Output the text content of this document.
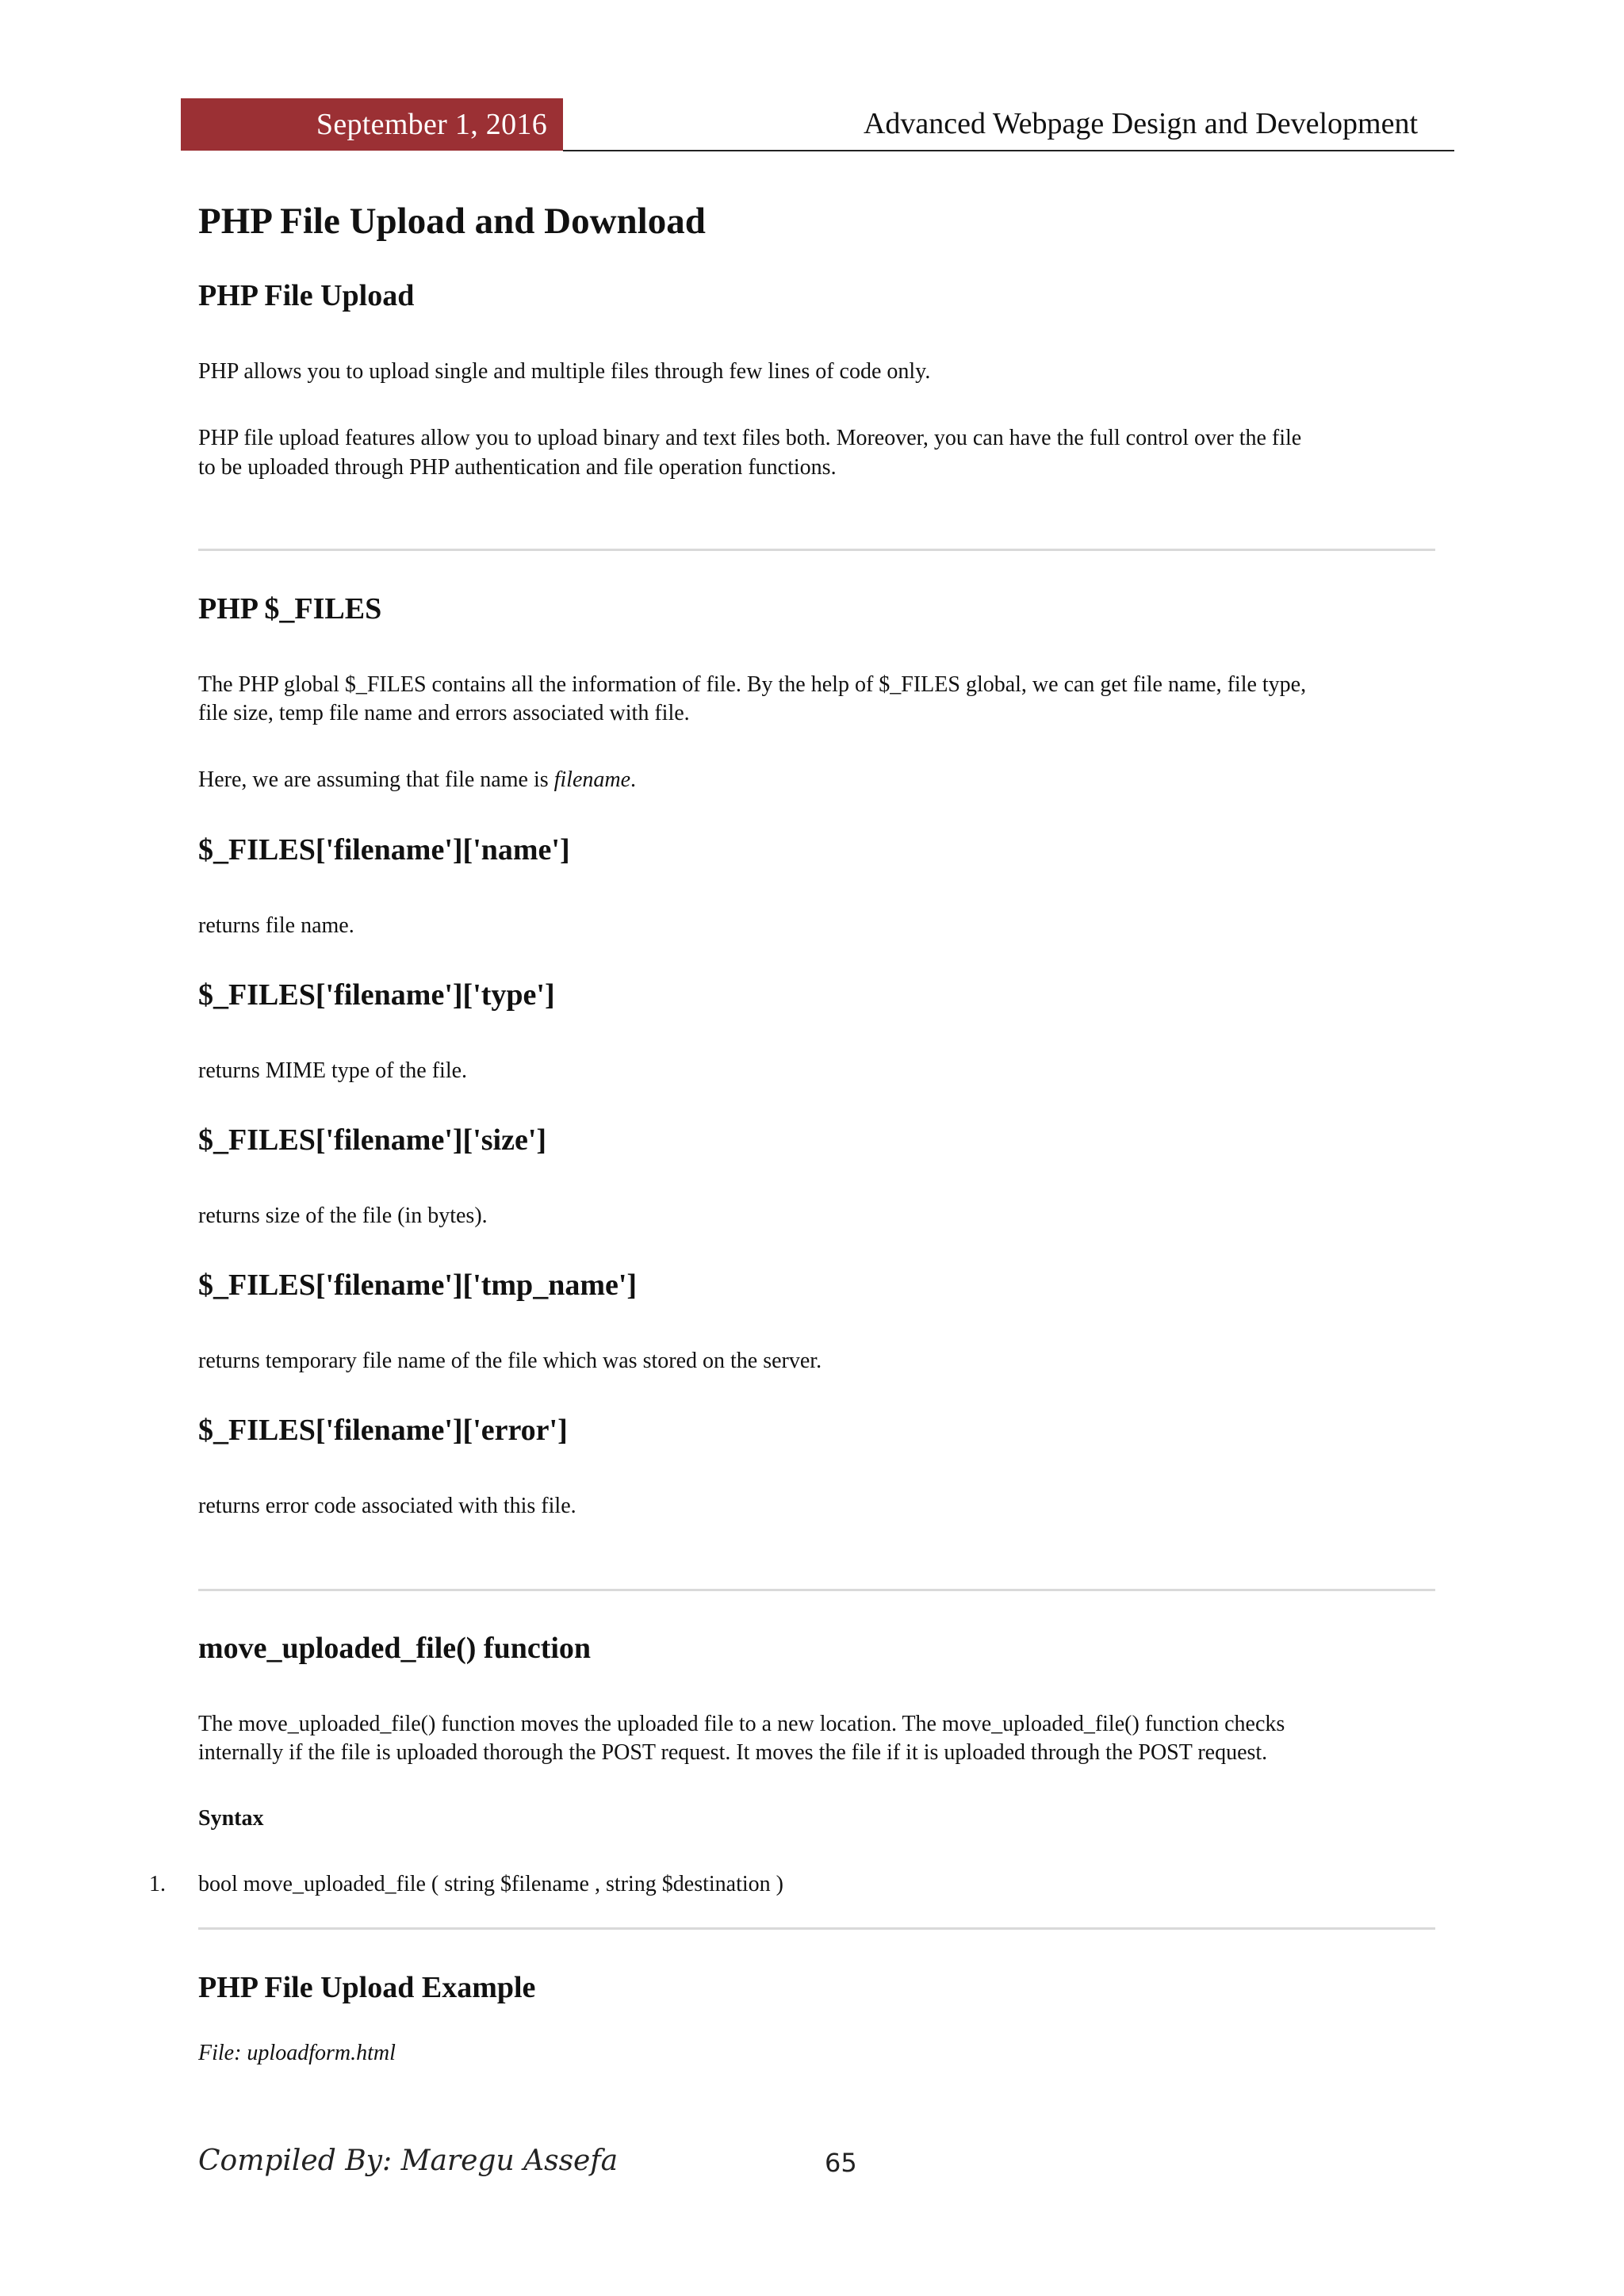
September 1, 2016	Advanced Webpage Design and Development
PHP File Upload and Download
PHP File Upload

PHP allows you to upload single and multiple files through few lines of code only.

PHP file upload features allow you to upload binary and text files both. Moreover, you can have the full control over the file

to be uploaded through PHP authentication and file operation functions.

PHP $_FILES

The PHP global $_FILES contains all the information of file. By the help of $_FILES global, we can get file name, file type,

file size, temp file name and errors associated with file.

Here, we are assuming that file name is filename.

$_FILES['filename']['name']

returns file name.

$_FILES['filename']['type']

returns MIME type of the file.

$_FILES['filename']['size']

returns size of the file (in bytes).

$_FILES['filename']['tmp_name']

returns temporary file name of the file which was stored on the server.

$_FILES['filename']['error']

returns error code associated with this file.

move_uploaded_file() function

The move_uploaded_file() function moves the uploaded file to a new location. The move_uploaded_file() function checks

internally if the file is uploaded thorough the POST request. It moves the file if it is uploaded through the POST request.

Syntax
PHP File Upload Example

File: uploadform.html

1. bool move_uploaded_file ( string $filename , string $destination )
Compiled By: Maregu Assefa	65
